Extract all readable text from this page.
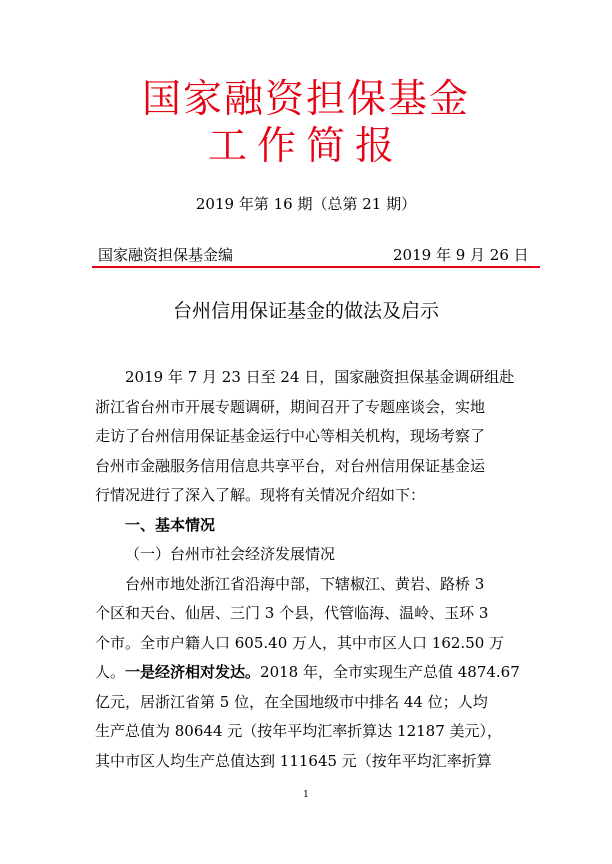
国家融资担保基金
工作简报
2019 年第 16 期（总第 21 期）
国家融资担保基金编	2019 年 9 月 26 日
台州信用保证基金的做法及启示
2019 年 7 月 23 日至 24 日，国家融资担保基金调研组赴
浙江省台州市开展专题调研，期间召开了专题座谈会，实地
走访了台州信用保证基金运行中心等相关机构，现场考察了
台州市金融服务信用信息共享平台，对台州信用保证基金运
行情况进行了深入了解。现将有关情况介绍如下：
一、基本情况
（一）台州市社会经济发展情况
台州市地处浙江省沿海中部，下辖椒江、黄岩、路桥 3
个区和天台、仙居、三门 3 个县，代管临海、温岭、玉环 3
个市。全市户籍人口 605.40 万人，其中市区人口 162.50 万
人。一是经济相对发达。2018 年，全市实现生产总值 4874.67
亿元，居浙江省第 5 位，在全国地级市中排名 44 位；人均
生产总值为 80644 元（按年平均汇率折算达 12187 美元），
其中市区人均生产总值达到 111645 元（按年平均汇率折算
1
